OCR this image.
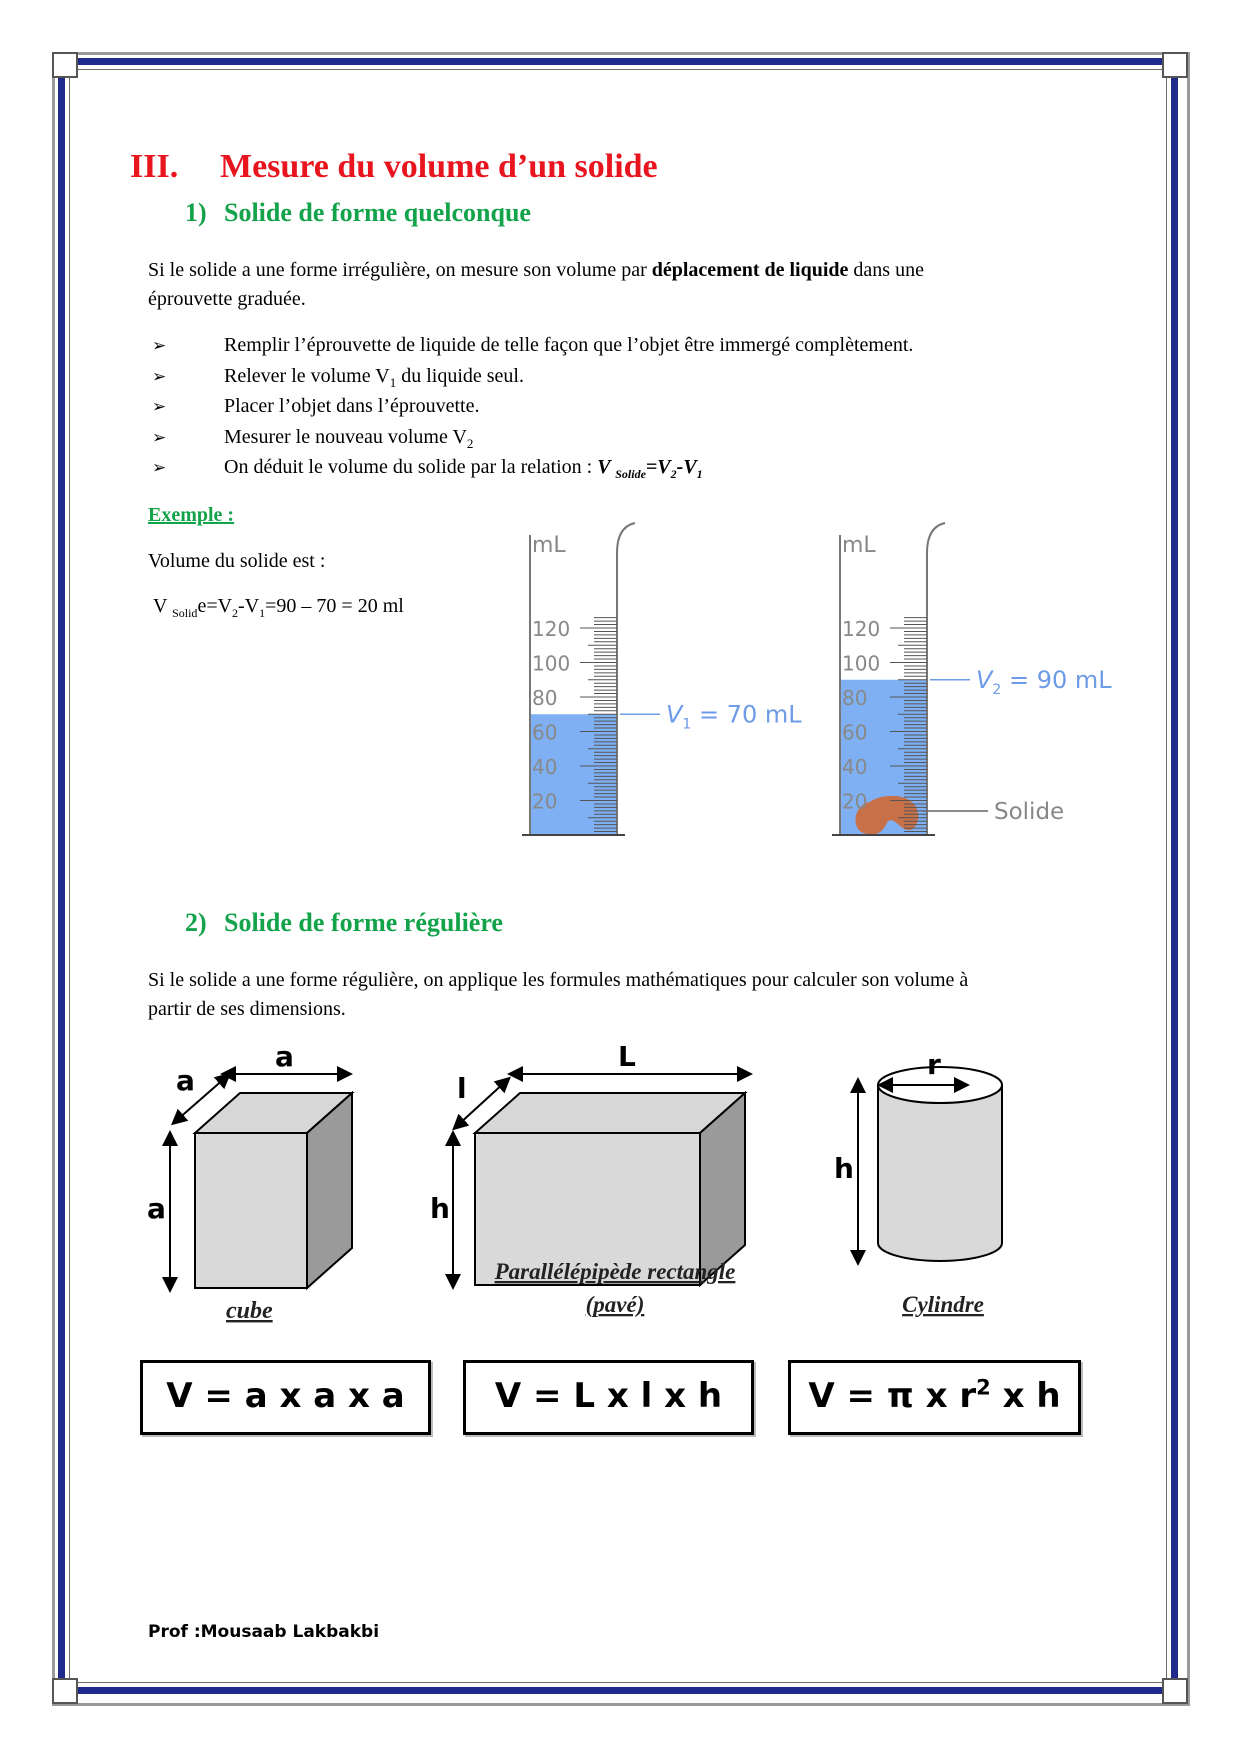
III. Mesure du volume d’un solide
1) Solide de forme quelconque
Si le solide a une forme irrégulière, on mesure son volume par déplacement de liquide dans une
éprouvette graduée.
➢	Remplir l’éprouvette de liquide de telle façon que l’objet être immergé complètement.
➢	Relever le volume $V_1$ du liquide seul.
➢	Placer l’objet dans l’éprouvette.
➢	Mesurer le nouveau volume $V_2$
➢	On déduit le volume du solide par la relation : V $_{Solide}=V_2-V_1$
Exemple :
Volume du solide est :
V $_{Solid}e=V_2-V_1=90 - 70 = 20$ ml
mL
120
100
80
60
40
20
$V_1 = 70$ mL
mL
120
100
80
60
40
20
$V_2 = 90$ mL
Solide
2) Solide de forme régulière
Si le solide a une forme régulière, on applique les formules mathématiques pour calculer son volume à
partir de ses dimensions.
a
a
a
cube
L
l
h
Parallélépipède rectangle
(pavé)
r
h
Cylindre
V = a x a x a	V = L x l x h	V = π x $r^2$ x h
Prof :Mousaab Lakbakbi
